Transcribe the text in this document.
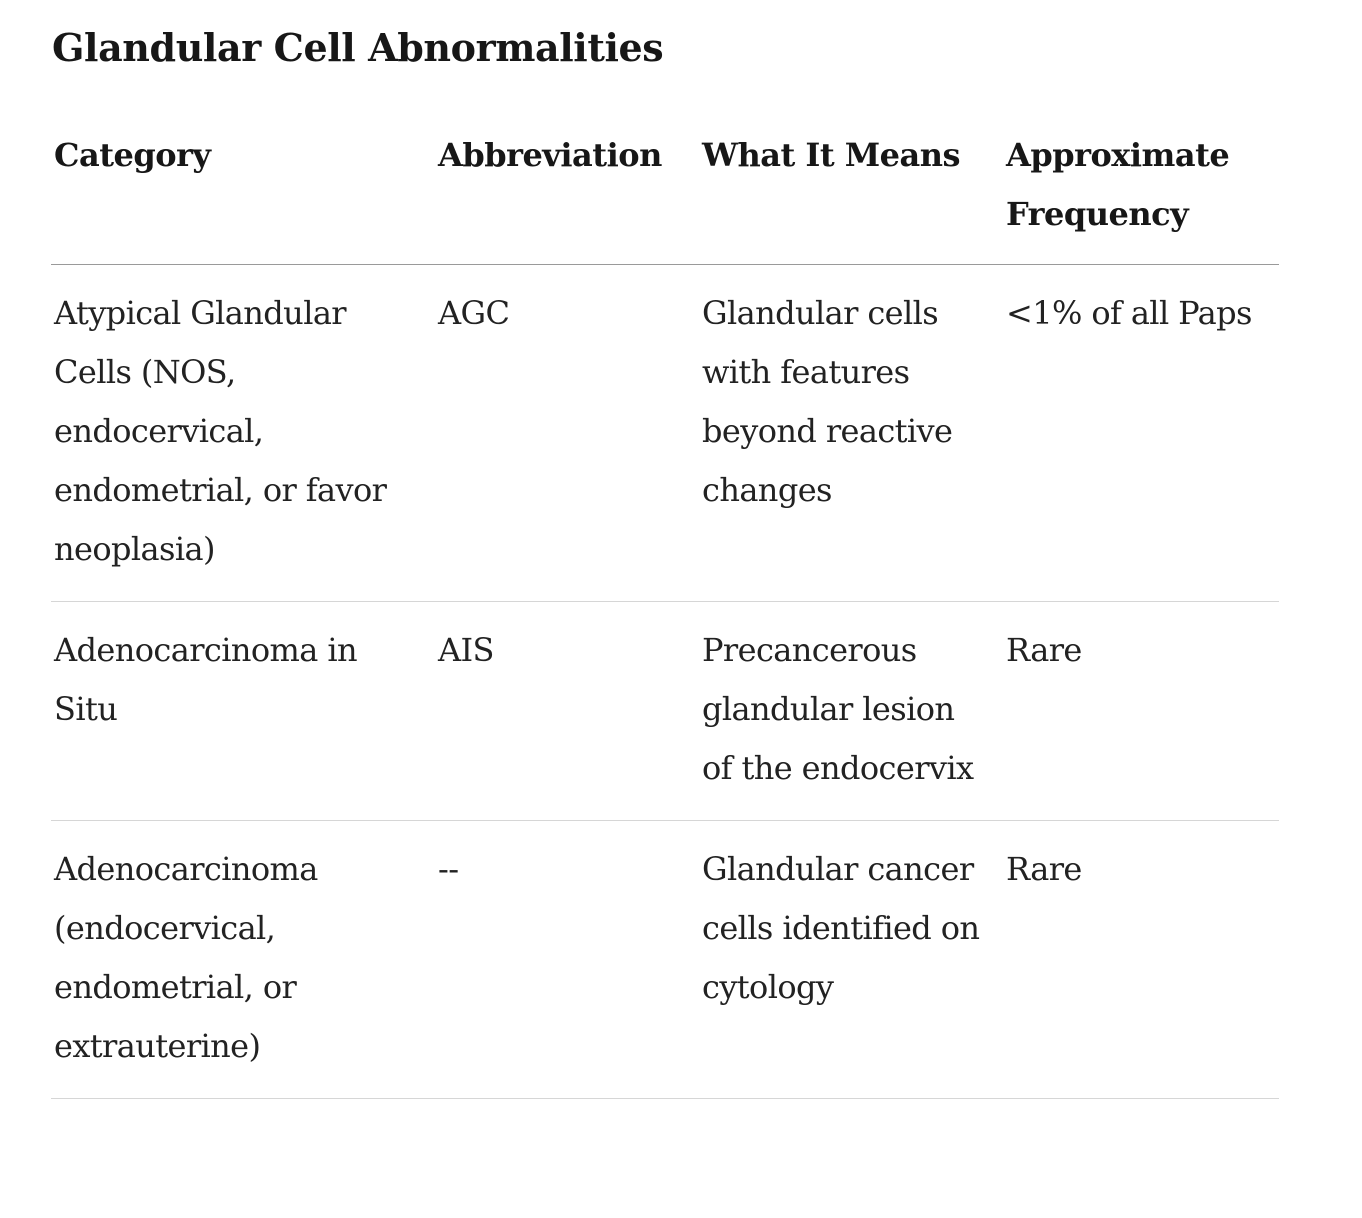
Glandular Cell Abnormalities
Category	Abbreviation	What It Means	Approximate Frequency
Atypical Glandular Cells (NOS, endocervical, endometrial, or favor neoplasia)	AGC	Glandular cells with features beyond reactive changes	<1% of all Paps
Adenocarcinoma in Situ	AIS	Precancerous glandular lesion of the endocervix	Rare
Adenocarcinoma (endocervical, endometrial, or extrauterine)	--	Glandular cancer cells identified on cytology	Rare
